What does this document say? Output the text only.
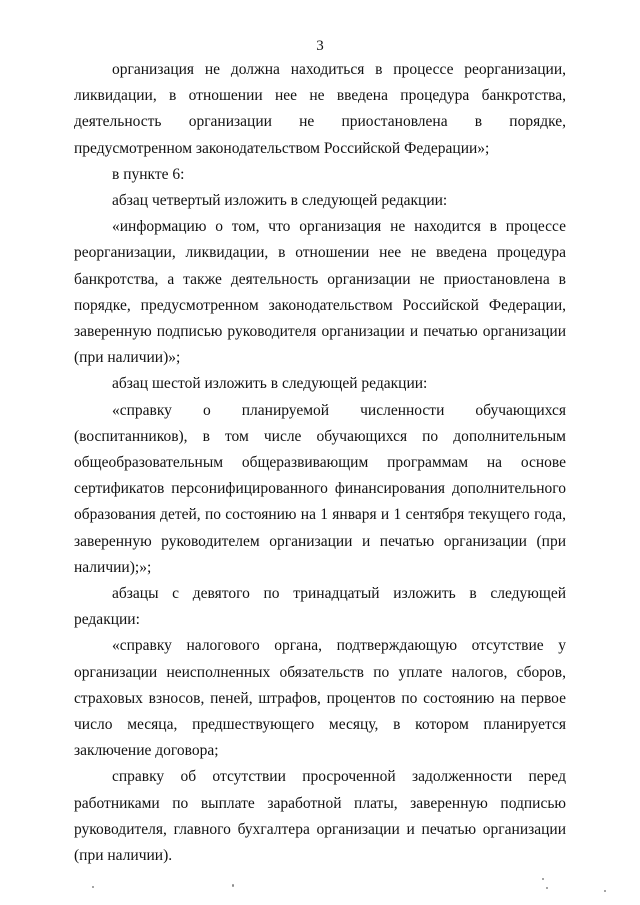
3

организация не должна находиться в процессе реорганизации, ликвидации, в отношении нее не введена процедура банкротства, деятельность организации не приостановлена в порядке, предусмотренном законодательством Российской Федерации»;

в пункте 6:

абзац четвертый изложить в следующей редакции:

«информацию о том, что организация не находится в процессе реорганизации, ликвидации, в отношении нее не введена процедура банкротства, а также деятельность организации не приостановлена в порядке, предусмотренном законодательством Российской Федерации, заверенную подписью руководителя организации и печатью организации (при наличии)»;

абзац шестой изложить в следующей редакции:

«справку о планируемой численности обучающихся (воспитанников), в том числе обучающихся по дополнительным общеобразовательным общеразвивающим программам на основе сертификатов персонифицированного финансирования дополнительного образования детей, по состоянию на 1 января и 1 сентября текущего года, заверенную руководителем организации и печатью организации (при наличии);»;

абзацы с девятого по тринадцатый изложить в следующей редакции:

«справку налогового органа, подтверждающую отсутствие у организации неисполненных обязательств по уплате налогов, сборов, страховых взносов, пеней, штрафов, процентов по состоянию на первое число месяца, предшествующего месяцу, в котором планируется заключение договора;

справку об отсутствии просроченной задолженности перед работниками по выплате заработной платы, заверенную подписью руководителя, главного бухгалтера организации и печатью организации (при наличии).
